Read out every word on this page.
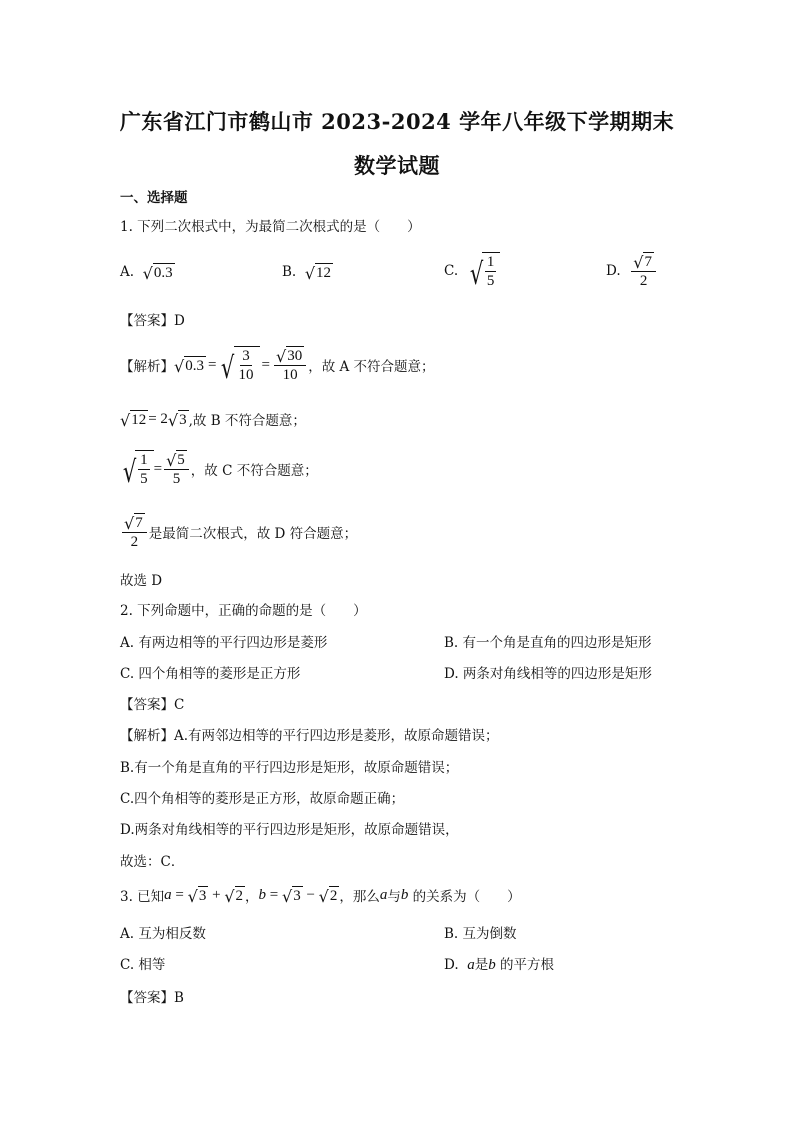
广东省江门市鹤山市 2023-2024 学年八年级下学期期末
数学试题
一、选择题
1. 下列二次根式中，为最简二次根式的是（　　）
A.
√ 0.3	B.
√ 12	C.
√ $\frac{1}{5}$	D.
$\frac{√ 7}{2}$
【答案】D
【解析】 √ 0.3 = √ $\frac{3}{10} = \frac{√ 30}{10}$ ，故 A 不符合题意；
√ 12 = 2 √ 3 ,故 B 不符合题意；
√ $\frac{1}{5} = \frac{√ 5}{5}$ ，故 C 不符合题意；
$\frac{√ 7}{2}$ 是最简二次根式，故 D 符合题意；
故选 D
2. 下列命题中，正确的命题的是（　　）
A. 有两边相等的平行四边形是菱形	B. 有一个角是直角的四边形是矩形
C. 四个角相等的菱形是正方形	D. 两条对角线相等的四边形是矩形
【答案】C
【解析】A.有两邻边相等的平行四边形是菱形，故原命题错误；
B.有一个角是直角的平行四边形是矩形，故原命题错误；
C.四个角相等的菱形是正方形，故原命题正确；
D.两条对角线相等的平行四边形是矩形，故原命题错误，
故选：C．
3. 已知 a = √ 3 + √ 2 ， b = √ 3 − √ 2 ，那么 a 与 b 的关系为（　　）
A. 互为相反数	B. 互为倒数
C. 相等	D. a 是 b 的平方根
【答案】B
